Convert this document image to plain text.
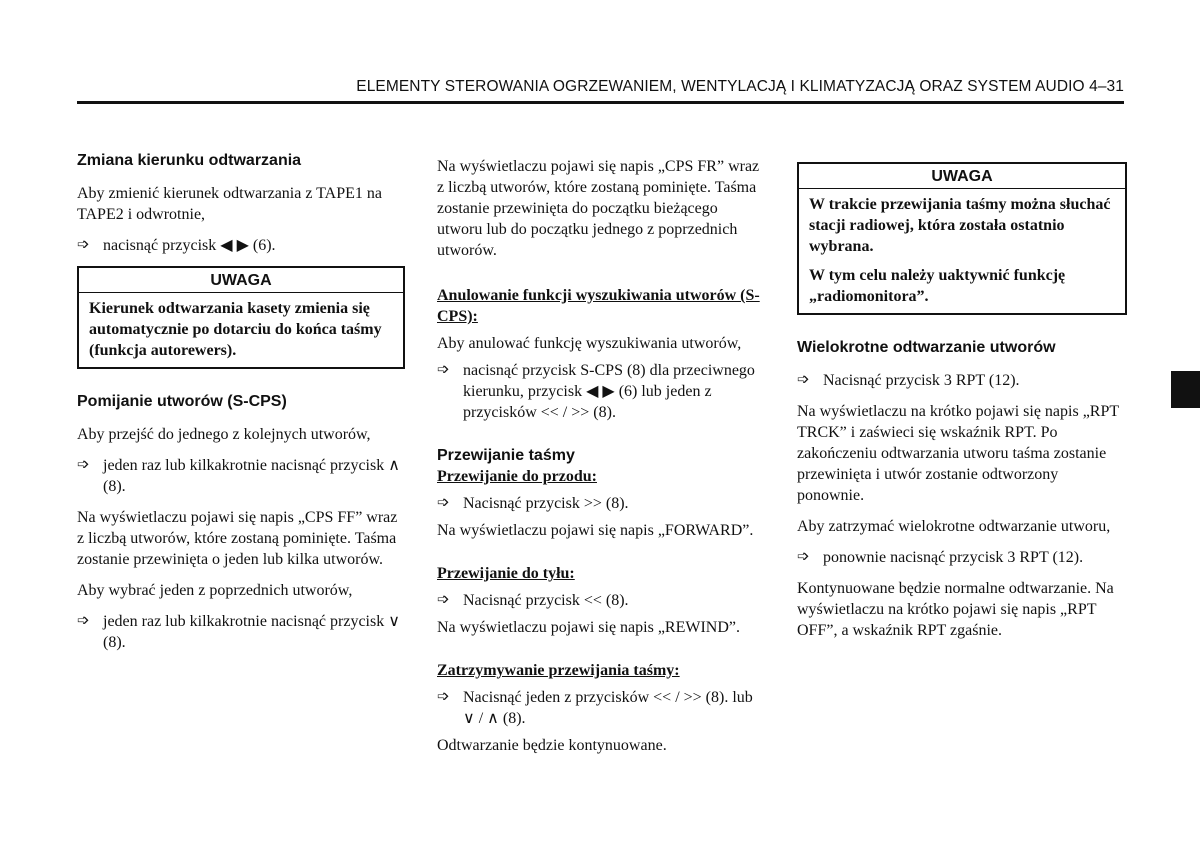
ELEMENTY STEROWANIA OGRZEWANIEM, WENTYLACJĄ I KLIMATYZACJĄ ORAZ SYSTEM AUDIO 4–31
Zmiana kierunku odtwarzania

Aby zmienić kierunek odtwarzania z TAPE1 na TAPE2 i odwrotnie,

➩ nacisnąć przycisk ◀ ▶ (6).
UWAGA
Kierunek odtwarzania kasety zmienia się automatycznie po dotarciu do końca taśmy (funkcja autorewers).
Pomijanie utworów (S-CPS)

Aby przejść do jednego z kolejnych utworów,

➩ jeden raz lub kilkakrotnie nacisnąć przycisk ∧ (8).

Na wyświetlaczu pojawi się napis „CPS FF” wraz z liczbą utworów, które zostaną pominięte. Taśma zostanie przewinięta o jeden lub kilka utworów.

Aby wybrać jeden z poprzednich utworów,

➩ jeden raz lub kilkakrotnie nacisnąć przycisk ∨ (8).

Na wyświetlaczu pojawi się napis „CPS FR” wraz z liczbą utworów, które zostaną pominięte. Taśma zostanie przewinięta do początku bieżącego utworu lub do początku jednego z poprzednich utworów.

Anulowanie funkcji wyszukiwania utworów (S-CPS):

Aby anulować funkcję wyszukiwania utworów,

➩ nacisnąć przycisk S-CPS (8) dla przeciwnego kierunku, przycisk ◀ ▶ (6) lub jeden z przycisków << / >> (8).
Przewijanie taśmy

Przewijanie do przodu:

➩ Nacisnąć przycisk >> (8).

Na wyświetlaczu pojawi się napis „FORWARD”.

Przewijanie do tyłu:

➩ Nacisnąć przycisk << (8).

Na wyświetlaczu pojawi się napis „REWIND”.

Zatrzymywanie przewijania taśmy:

➩ Nacisnąć jeden z przycisków << / >> (8). lub ∨ / ∧ (8).

Odtwarzanie będzie kontynuowane.

UWAGA

W trakcie przewijania taśmy można słuchać stacji radiowej, która została ostatnio wybrana.

W tym celu należy uaktywnić funkcję „radiomonitora”.

Wielokrotne odtwarzanie utworów
➩ Nacisnąć przycisk 3 RPT (12).

Na wyświetlaczu na krótko pojawi się napis „RPT TRCK” i zaświeci się wskaźnik RPT. Po zakończeniu odtwarzania utworu taśma zostanie przewinięta i utwór zostanie odtworzony ponownie.

Aby zatrzymać wielokrotne odtwarzanie utworu,

➩ ponownie nacisnąć przycisk 3 RPT (12).

Kontynuowane będzie normalne odtwarzanie. Na wyświetlaczu na krótko pojawi się napis „RPT OFF”, a wskaźnik RPT zgaśnie.
